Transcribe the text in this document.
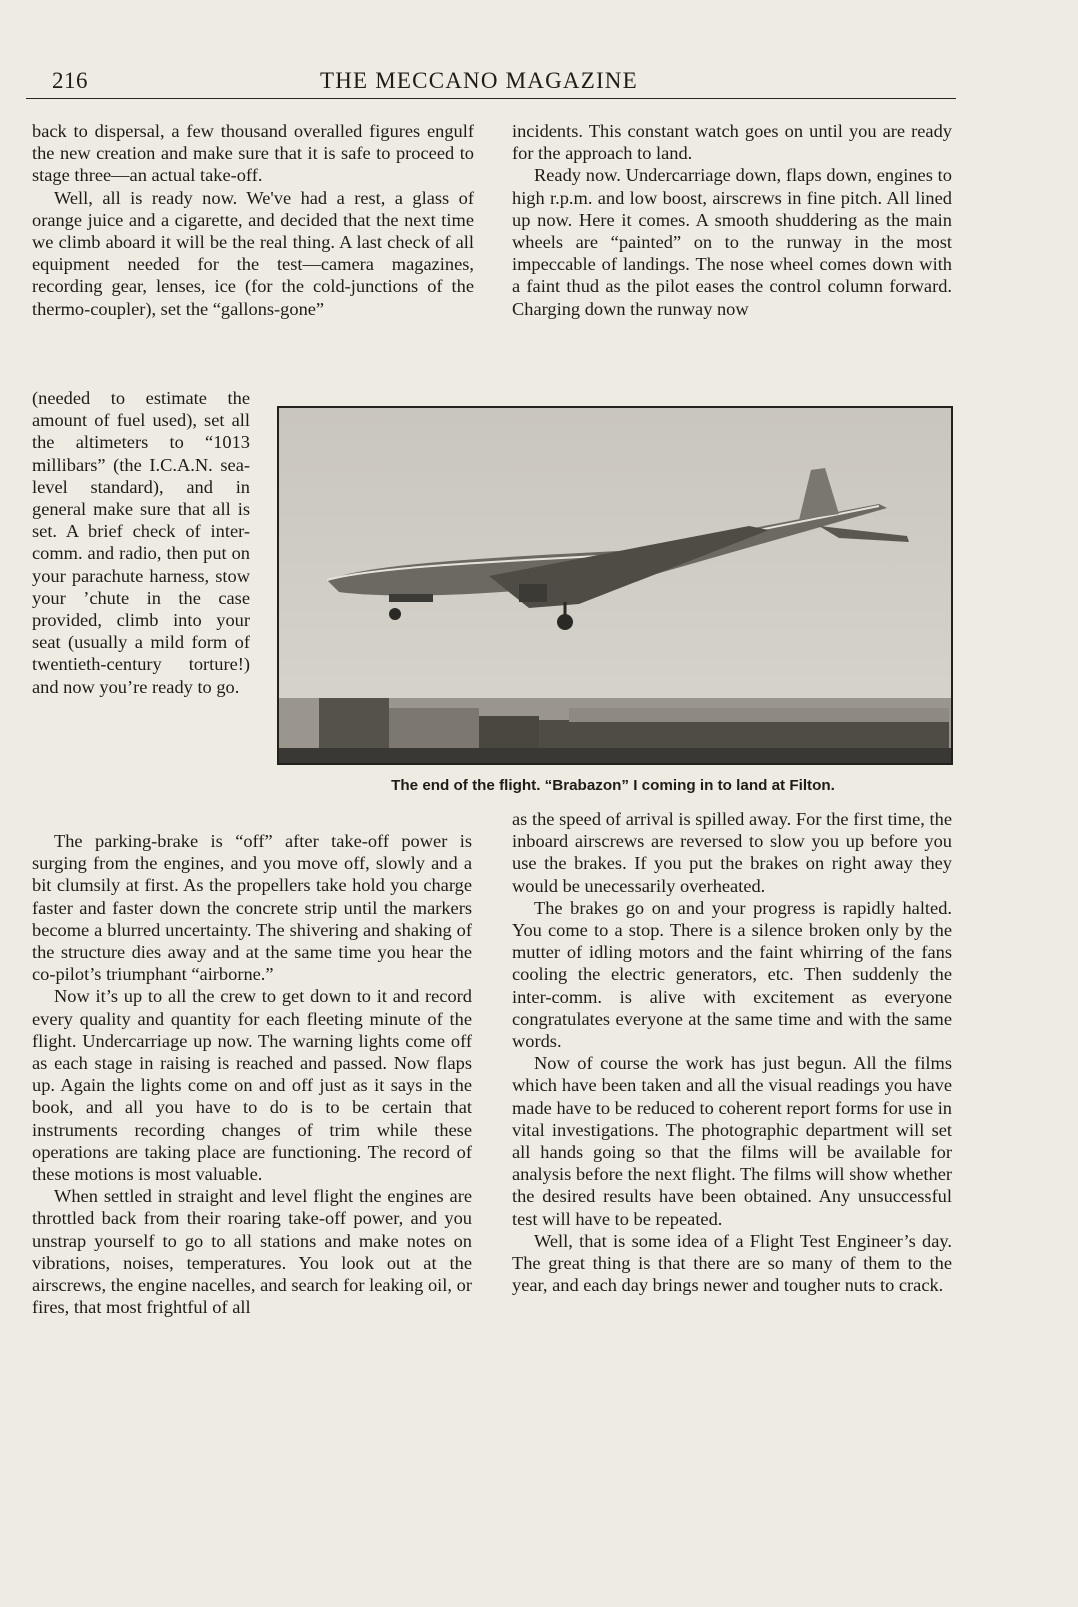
216	THE MECCANO MAGAZINE

back to dispersal, a few thousand overalled figures engulf the new creation and make sure that it is safe to proceed to stage three—an actual take-off.

Well, all is ready now. We've had a rest, a glass of orange juice and a cigarette, and decided that the next time we climb aboard it will be the real thing. A last check of all equipment needed for the test—camera magazines, recording gear, lenses, ice (for the cold-junctions of the thermo-coupler), set the “gallons-gone”

(needed to estimate the amount of fuel used), set all the altimeters to “1013 millibars” (the I.C.A.N. sea-level standard), and in general make sure that all is set. A brief check of inter-comm. and radio, then put on your parachute harness, stow your ’chute in the case provided, climb into your seat (usually a mild form of twentieth-century torture!) and now you’re ready to go.

The parking-brake is “off” after take-off power is surging from the engines, and you move off, slowly and a bit clumsily at first. As the propellers take hold you charge faster and faster down the concrete strip until the markers become a blurred uncertainty. The shivering and shaking of the structure dies away and at the same time you hear the co-pilot’s triumphant “airborne.”

Now it’s up to all the crew to get down to it and record every quality and quantity for each fleeting minute of the flight. Undercarriage up now. The warning lights come off as each stage in raising is reached and passed. Now flaps up. Again the lights come on and off just as it says in the book, and all you have to do is to be certain that instruments recording changes of trim while these operations are taking place are functioning. The record of these motions is most valuable.

When settled in straight and level flight the engines are throttled back from their roaring take-off power, and you unstrap yourself to go to all stations and make notes on vibrations, noises, temperatures. You look out at the airscrews, the engine nacelles, and search for leaking oil, or fires, that most frightful of all

incidents. This constant watch goes on until you are ready for the approach to land.

Ready now. Undercarriage down, flaps down, engines to high r.p.m. and low boost, airscrews in fine pitch. All lined up now. Here it comes. A smooth shuddering as the main wheels are “painted” on to the runway in the most impeccable of landings. The nose wheel comes down with a faint thud as the pilot eases the control column forward. Charging down the runway now

The end of the flight. “Brabazon” I coming in to land at Filton.

as the speed of arrival is spilled away. For the first time, the inboard airscrews are reversed to slow you up before you use the brakes. If you put the brakes on right away they would be unecessarily overheated.

The brakes go on and your progress is rapidly halted. You come to a stop. There is a silence broken only by the mutter of idling motors and the faint whirring of the fans cooling the electric generators, etc. Then suddenly the inter-comm. is alive with excitement as everyone congratulates everyone at the same time and with the same words.

Now of course the work has just begun. All the films which have been taken and all the visual readings you have made have to be reduced to coherent report forms for use in vital investigations. The photographic department will set all hands going so that the films will be available for analysis before the next flight. The films will show whether the desired results have been obtained. Any unsuccessful test will have to be repeated.

Well, that is some idea of a Flight Test Engineer’s day. The great thing is that there are so many of them to the year, and each day brings newer and tougher nuts to crack.
